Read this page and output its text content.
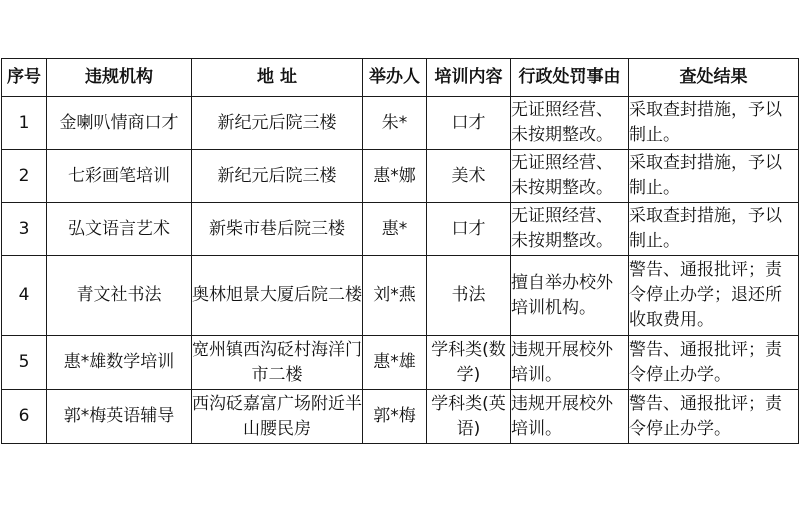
序号	违规机构	地 址	举办人	培训内容	行政处罚事由	查处结果
1	金喇叭情商口才	新纪元后院三楼	朱*	口才	无证照经营、未按期整改。	采取查封措施，予以制止。
2	七彩画笔培训	新纪元后院三楼	惠*娜	美术	无证照经营、未按期整改。	采取查封措施，予以制止。
3	弘文语言艺术	新柴市巷后院三楼	惠*	口才	无证照经营、未按期整改。	采取查封措施，予以制止。
4	青文社书法	奥林旭景大厦后院二楼	刘*燕	书法	擅自举办校外培训机构。	警告、通报批评；责令停止办学；退还所收取费用。
5	惠*雄数学培训	宽州镇西沟砭村海洋门市二楼	惠*雄	学科类(数学)	违规开展校外培训。	警告、通报批评；责令停止办学。
6	郭*梅英语辅导	西沟砭嘉富广场附近半山腰民房	郭*梅	学科类(英语)	违规开展校外培训。	警告、通报批评；责令停止办学。
